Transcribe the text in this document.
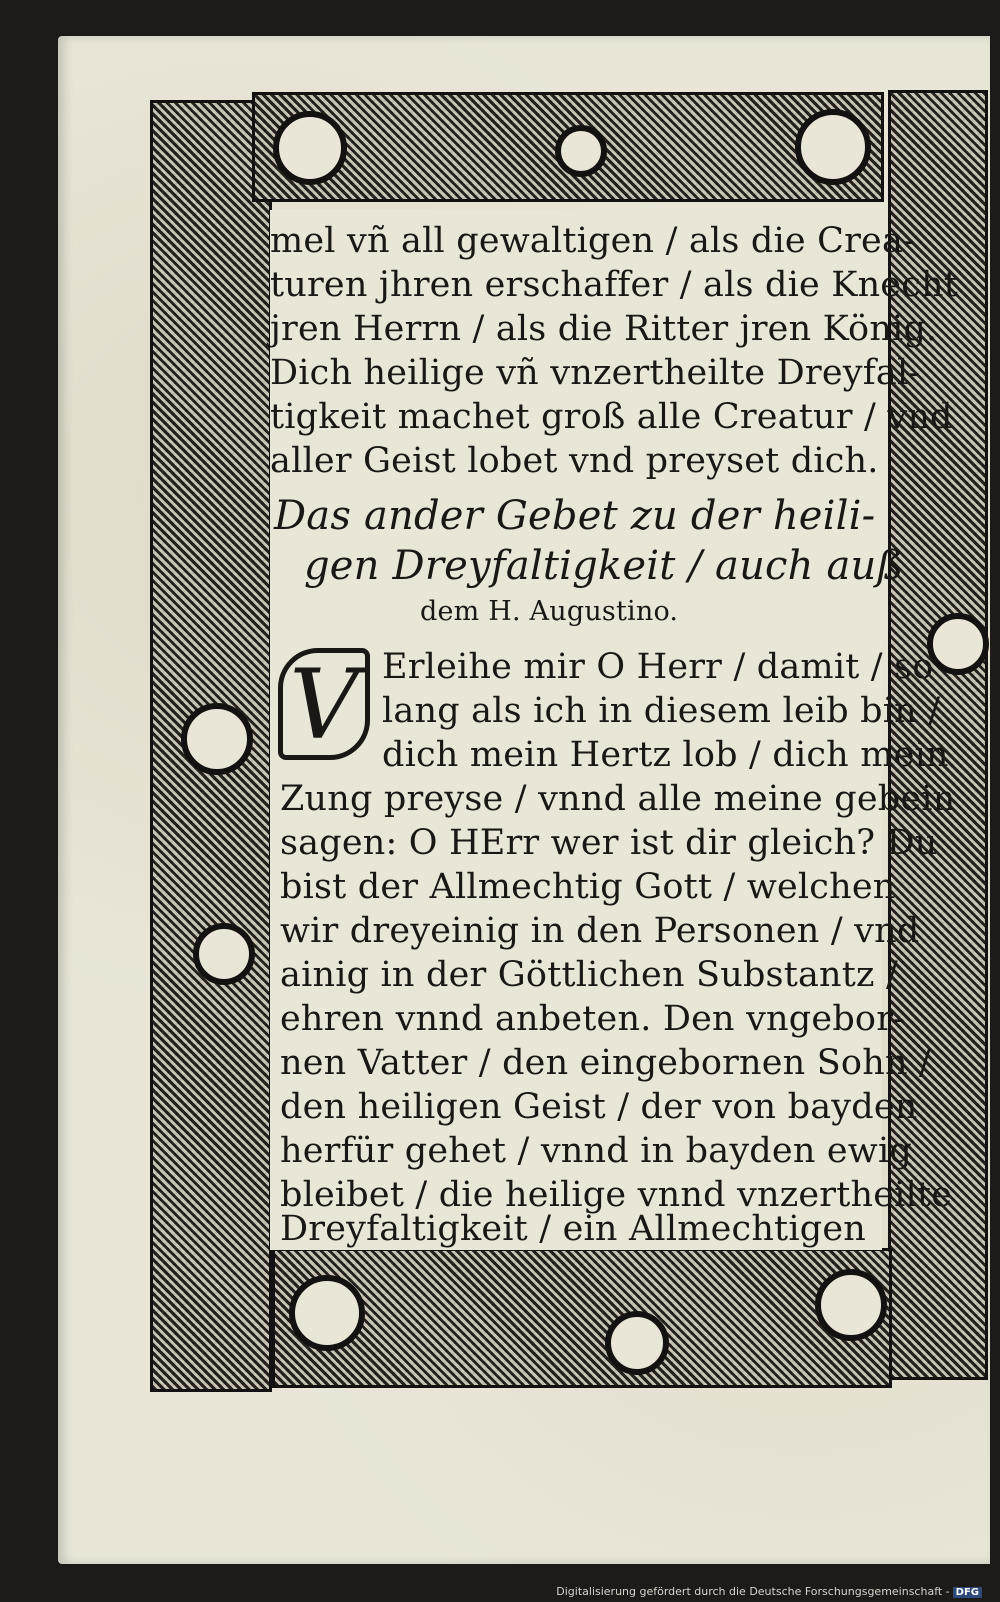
mel vñ all gewaltigen / als die Crea-
turen jhren erschaffer / als die Knecht
jren Herrn / als die Ritter jren König.
Dich heilige vñ vnzertheilte Dreyfal-
tigkeit machet groß alle Creatur / vnd
aller Geist lobet vnd preyset dich.
Das ander Gebet zu der heili-
gen Dreyfaltigkeit / auch auß
dem H. Augustino.
V Erleihe mir O Herr / damit / so
lang als ich in diesem leib bin /
dich mein Hertz lob / dich mein
Zung preyse / vnnd alle meine gebein
sagen: O HErr wer ist dir gleich? Du
bist der Allmechtig Gott / welchen
wir dreyeinig in den Personen / vnd
ainig in der Göttlichen Substantz /
ehren vnnd anbeten. Den vngebor-
nen Vatter / den eingebornen Sohn /
den heiligen Geist / der von bayden
herfür gehet / vnnd in bayden ewig
bleibet / die heilige vnnd vnzertheilte
Dreyfaltigkeit / ein Allmechtigen
Digitalisierung gefördert durch die Deutsche Forschungsgemeinschaft - DFG
